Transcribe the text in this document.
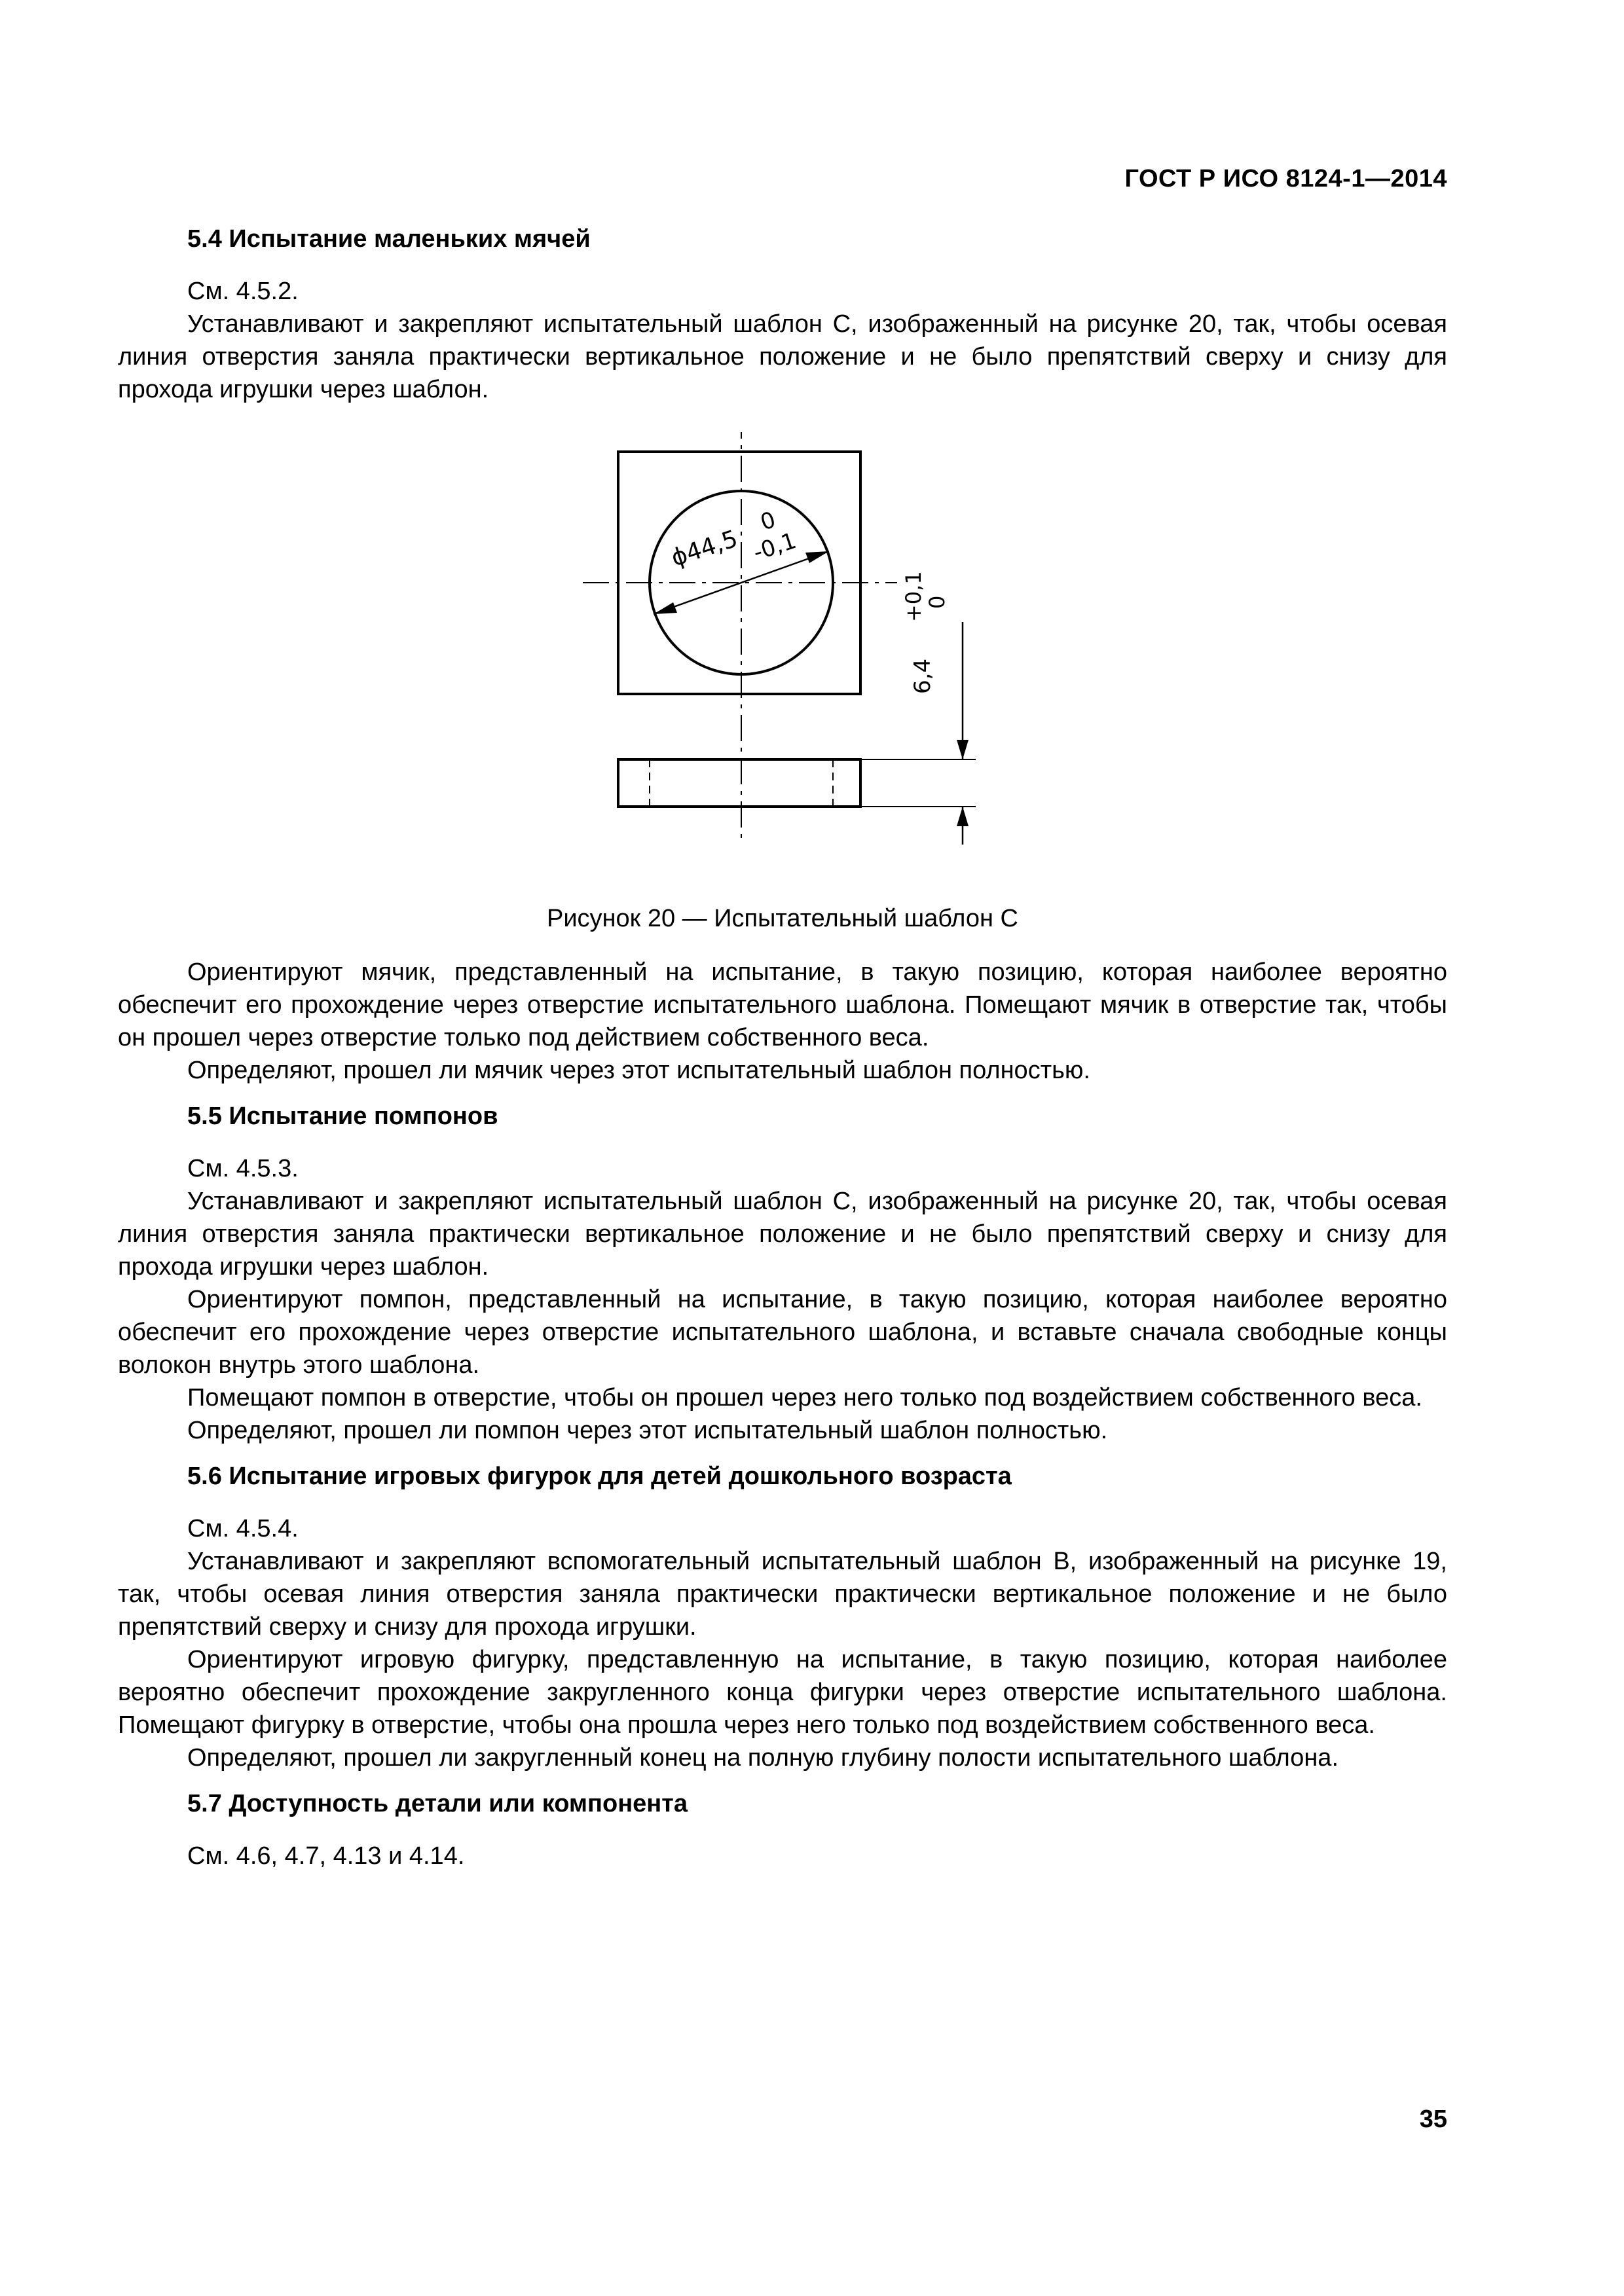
ГОСТ Р ИСО 8124-1—2014

5.4 Испытание маленьких мячей

См. 4.5.2.

Устанавливают и закрепляют испытательный шаблон С, изображенный на рисунке 20, так, чтобы осевая линия отверстия заняла практически вертикальное положение и не было препятствий сверху и снизу для прохода игрушки через шаблон.

ϕ44,5
0
-0,1
6,4
+0,1
0

Рисунок 20 — Испытательный шаблон С

Ориентируют мячик, представленный на испытание, в такую позицию, которая наиболее вероятно обеспечит его прохождение через отверстие испытательного шаблона. Помещают мячик в отверстие так, чтобы он прошел через отверстие только под действием собственного веса.

Определяют, прошел ли мячик через этот испытательный шаблон полностью.

5.5 Испытание помпонов

См. 4.5.3.

Устанавливают и закрепляют испытательный шаблон С, изображенный на рисунке 20, так, чтобы осевая линия отверстия заняла практически вертикальное положение и не было препятствий сверху и снизу для прохода игрушки через шаблон.

Ориентируют помпон, представленный на испытание, в такую позицию, которая наиболее вероятно обеспечит его прохождение через отверстие испытательного шаблона, и вставьте сначала свободные концы волокон внутрь этого шаблона.

Помещают помпон в отверстие, чтобы он прошел через него только под воздействием собственного веса.

Определяют, прошел ли помпон через этот испытательный шаблон полностью.

5.6 Испытание игровых фигурок для детей дошкольного возраста

См. 4.5.4.

Устанавливают и закрепляют вспомогательный испытательный шаблон В, изображенный на рисунке 19, так, чтобы осевая линия отверстия заняла практически практически вертикальное положение и не было препятствий сверху и снизу для прохода игрушки.

Ориентируют игровую фигурку, представленную на испытание, в такую позицию, которая наиболее вероятно обеспечит прохождение закругленного конца фигурки через отверстие испытательного шаблона. Помещают фигурку в отверстие, чтобы она прошла через него только под воздействием собственного веса.

Определяют, прошел ли закругленный конец на полную глубину полости испытательного шаблона.

5.7 Доступность детали или компонента

См. 4.6, 4.7, 4.13 и 4.14.

35
